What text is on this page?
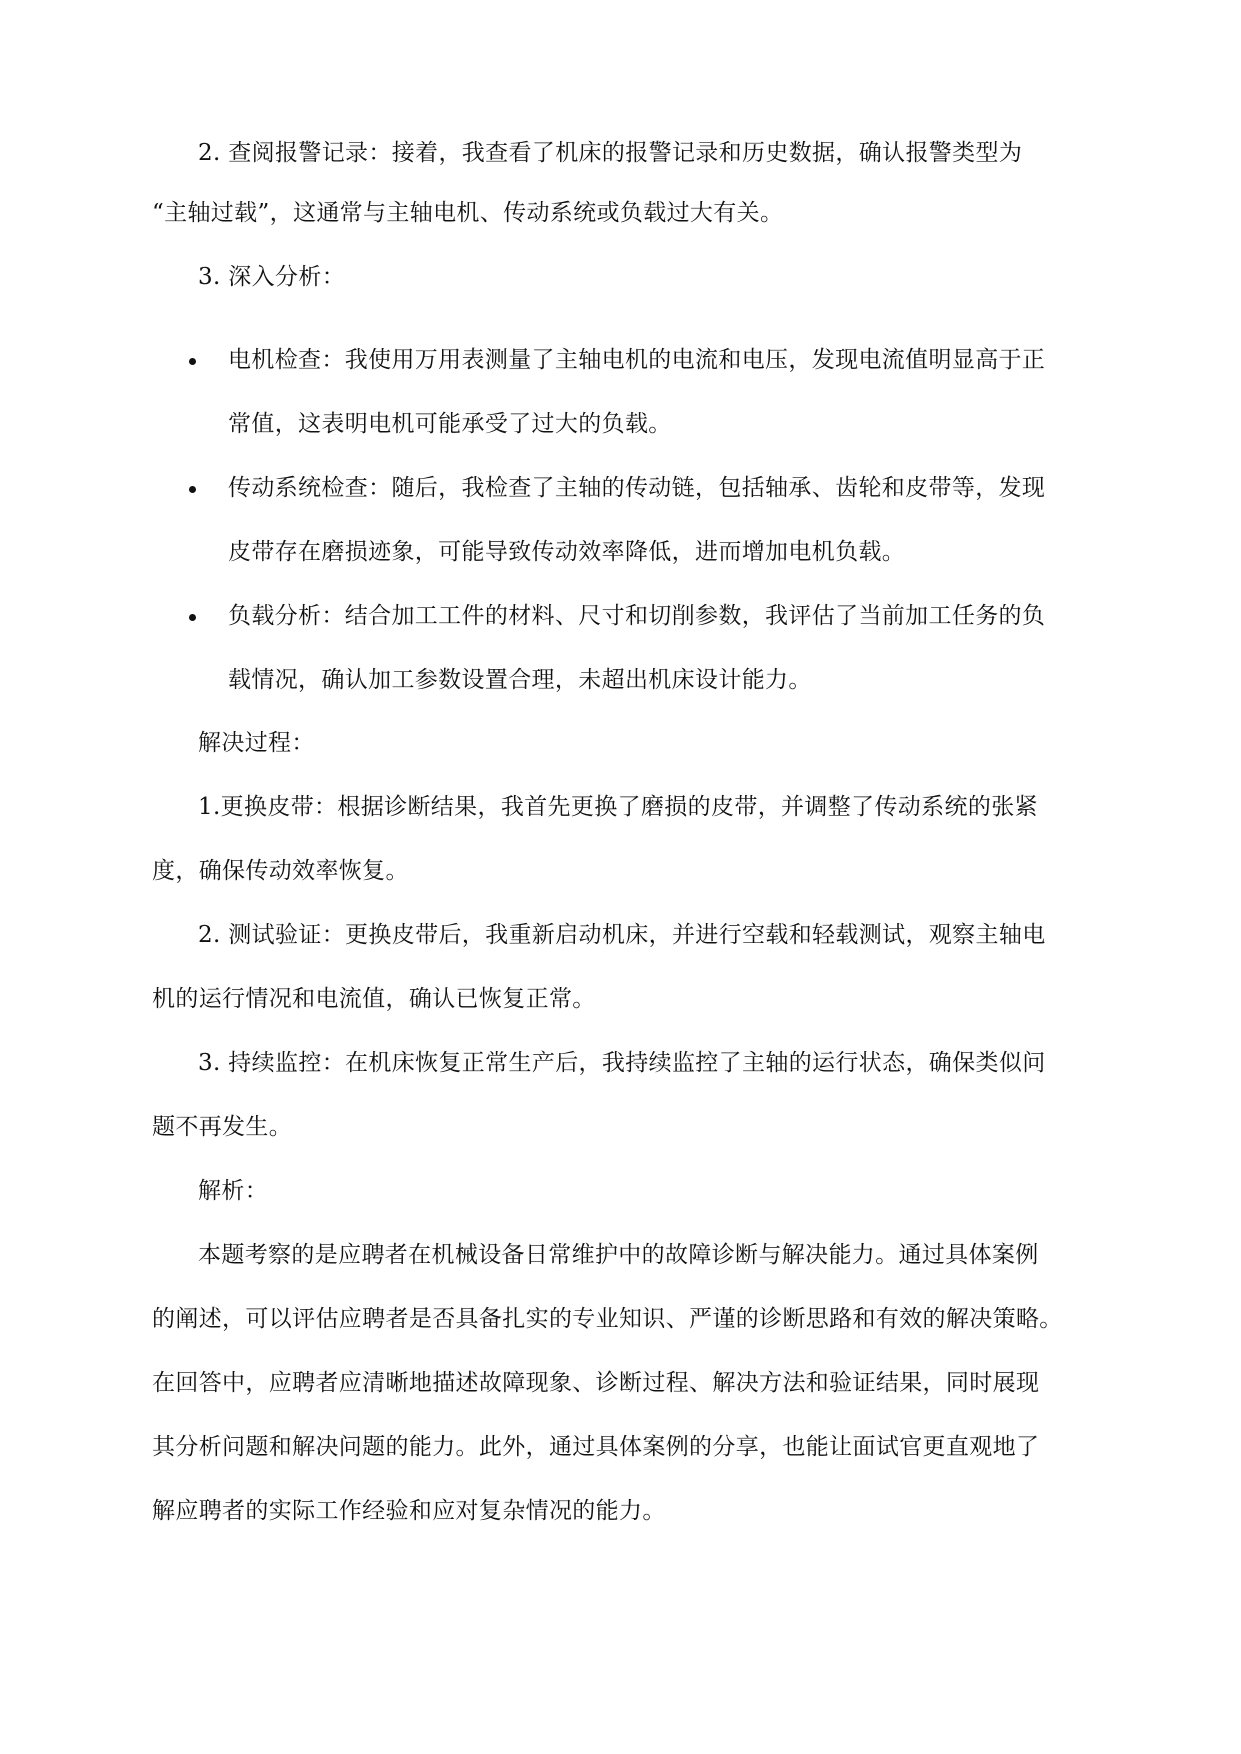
2. 查阅报警记录：接着，我查看了机床的报警记录和历史数据，确认报警类型为
“主轴过载”，这通常与主轴电机、传动系统或负载过大有关。
3. 深入分析：
电机检查：我使用万用表测量了主轴电机的电流和电压，发现电流值明显高于正
常值，这表明电机可能承受了过大的负载。
传动系统检查：随后，我检查了主轴的传动链，包括轴承、齿轮和皮带等，发现
皮带存在磨损迹象，可能导致传动效率降低，进而增加电机负载。
负载分析：结合加工工件的材料、尺寸和切削参数，我评估了当前加工任务的负
载情况，确认加工参数设置合理，未超出机床设计能力。
解决过程：
1.更换皮带：根据诊断结果，我首先更换了磨损的皮带，并调整了传动系统的张紧
度，确保传动效率恢复。
2. 测试验证：更换皮带后，我重新启动机床，并进行空载和轻载测试，观察主轴电
机的运行情况和电流值，确认已恢复正常。
3. 持续监控：在机床恢复正常生产后，我持续监控了主轴的运行状态，确保类似问
题不再发生。
解析：
本题考察的是应聘者在机械设备日常维护中的故障诊断与解决能力。通过具体案例
的阐述，可以评估应聘者是否具备扎实的专业知识、严谨的诊断思路和有效的解决策略。
在回答中，应聘者应清晰地描述故障现象、诊断过程、解决方法和验证结果，同时展现
其分析问题和解决问题的能力。此外，通过具体案例的分享，也能让面试官更直观地了
解应聘者的实际工作经验和应对复杂情况的能力。
